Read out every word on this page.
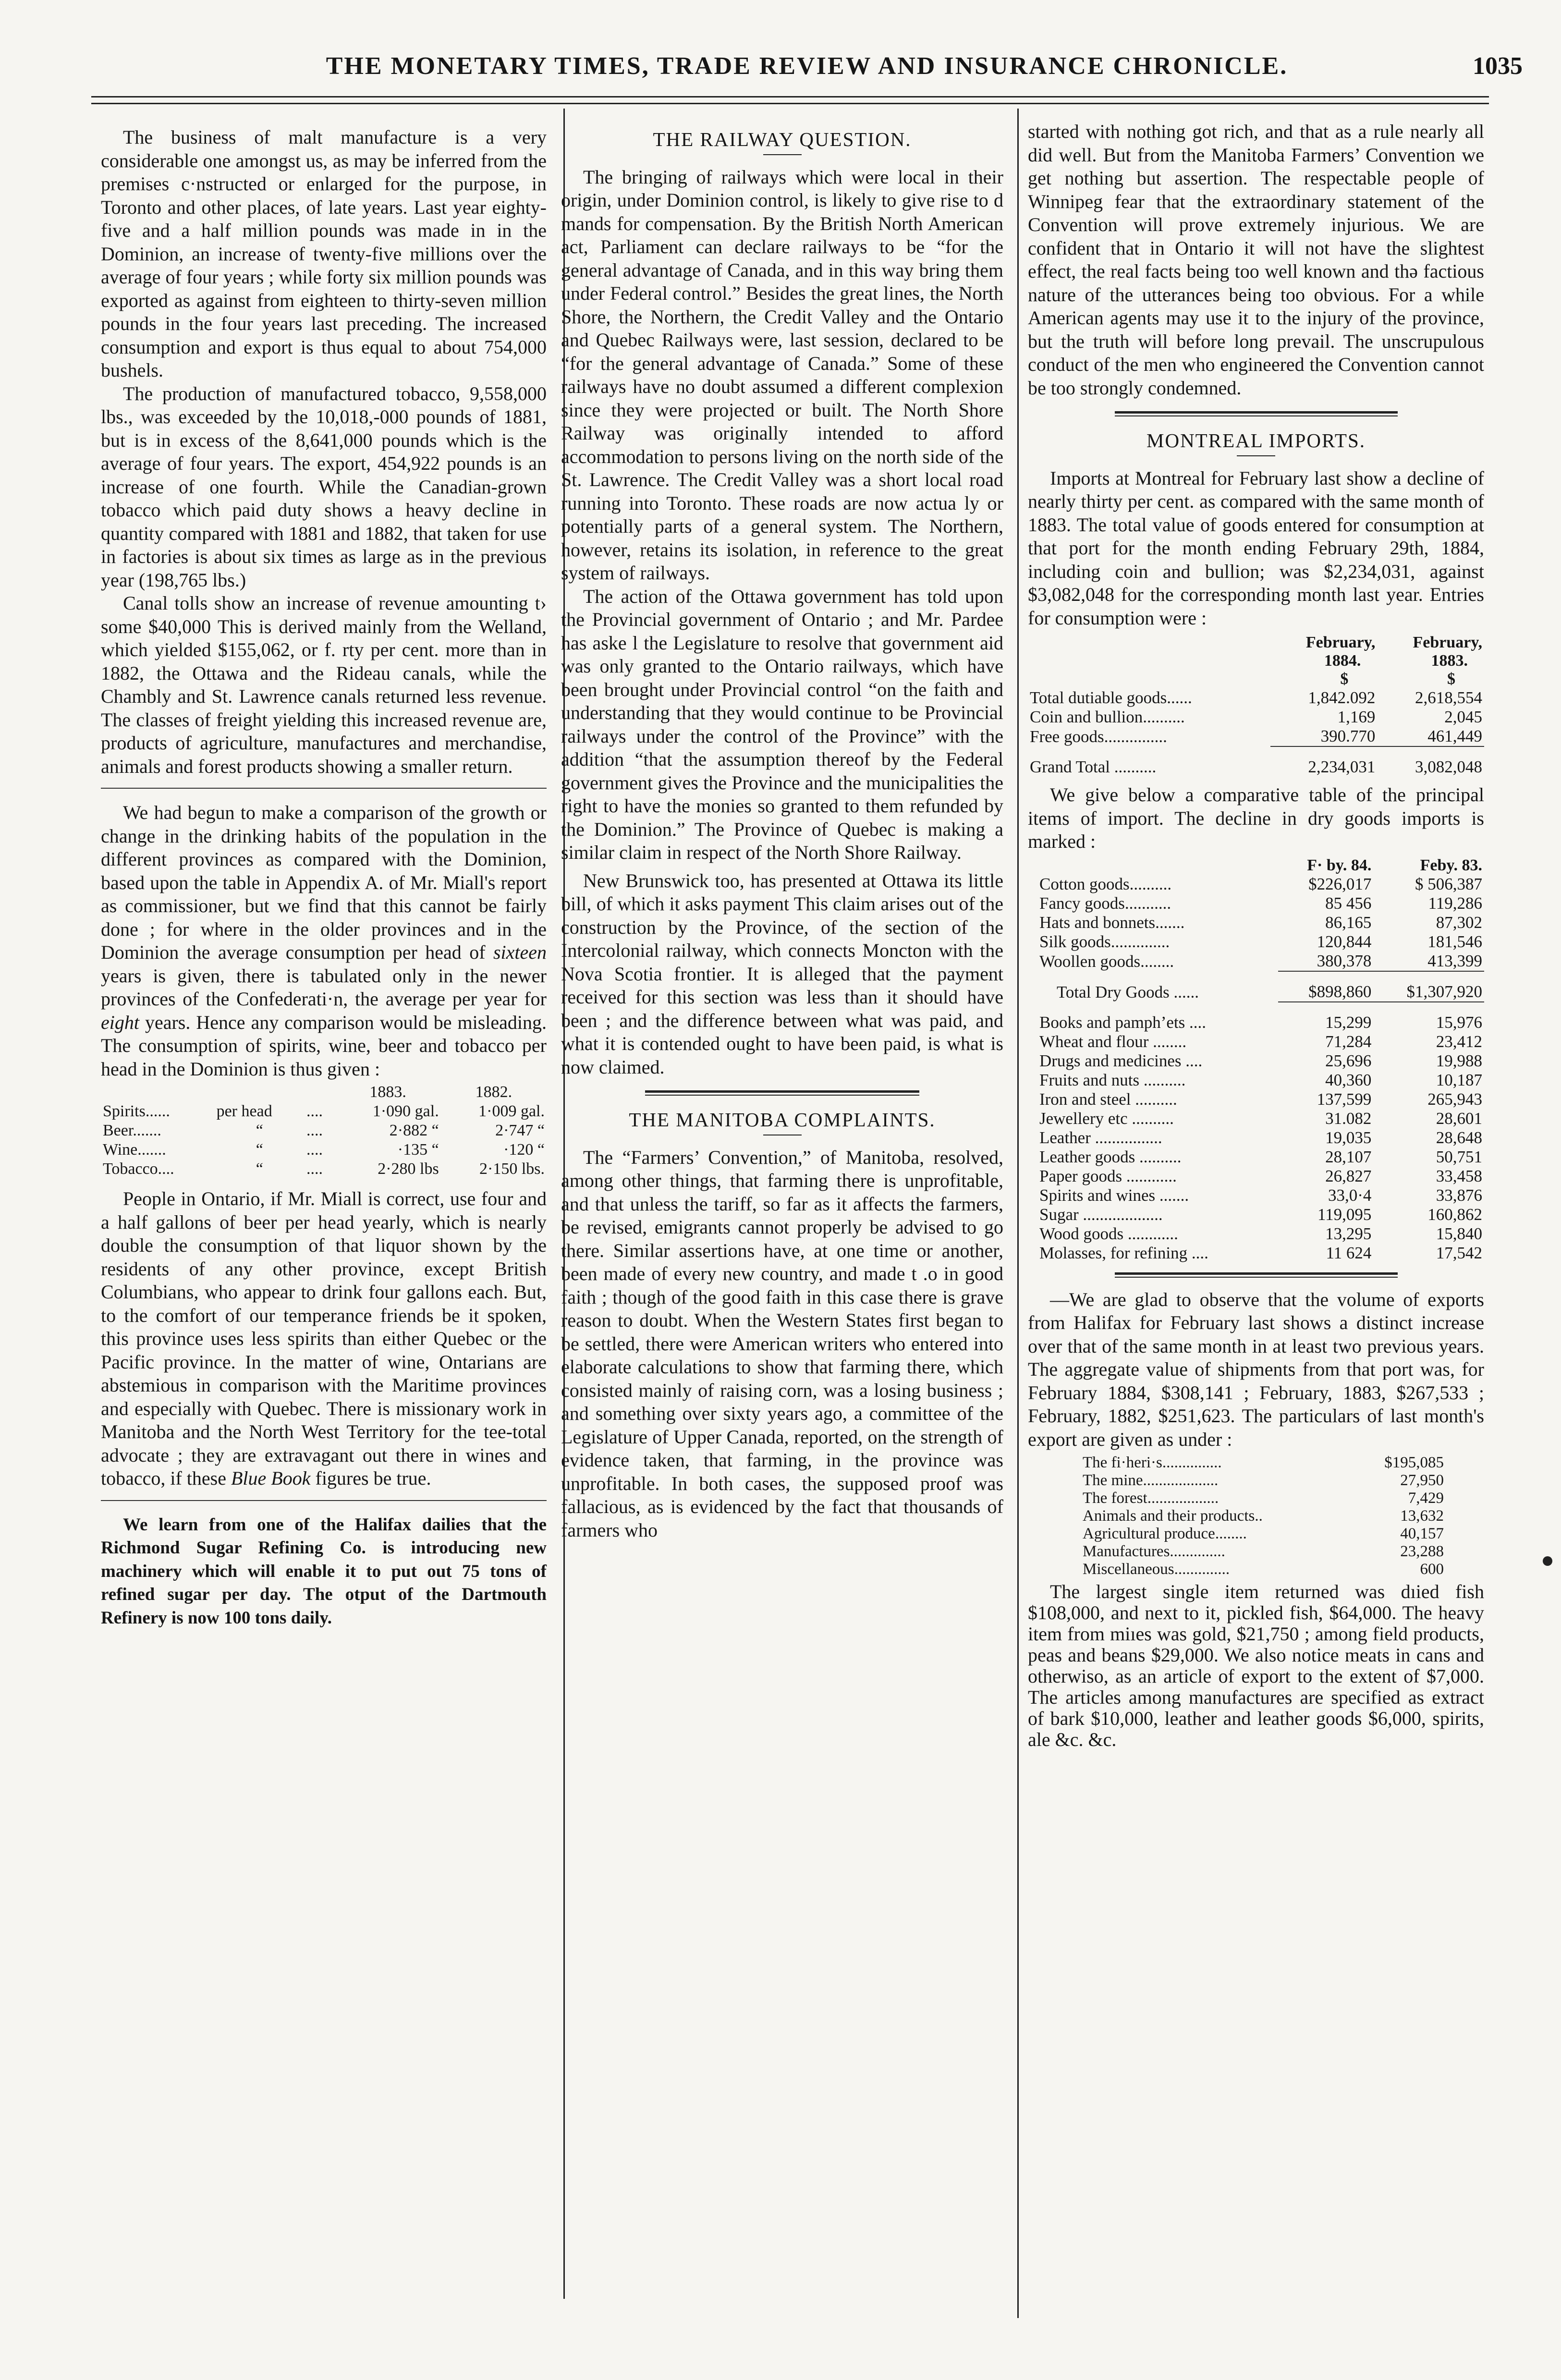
THE MONETARY TIMES, TRADE REVIEW AND INSURANCE CHRONICLE.	1035

The business of malt manufacture is a very considerable one amongst us, as may be inferred from the premises c·nstructed or enlarged for the purpose, in Toronto and other places, of late years. Last year eighty-five and a half million pounds was made in in the Dominion, an increase of twenty-five millions over the average of four years ; while forty six million pounds was exported as against from eighteen to thirty-seven million pounds in the four years last preceding. The increased consumption and export is thus equal to about 754,000 bushels.

The production of manufactured tobacco, 9,558,000 lbs., was exceeded by the 10,018,-000 pounds of 1881, but is in excess of the 8,641,000 pounds which is the average of four years. The export, 454,922 pounds is an increase of one fourth. While the Canadian-grown tobacco which paid duty shows a heavy decline in quantity compared with 1881 and 1882, that taken for use in factories is about six times as large as in the previous year (198,765 lbs.)

Canal tolls show an increase of revenue amounting t› some $40,000 This is derived mainly from the Welland, which yielded $155,062, or f. rty per cent. more than in 1882, the Ottawa and the Rideau canals, while the Chambly and St. Lawrence canals returned less revenue. The classes of freight yielding this increased revenue are, products of agriculture, manufactures and merchandise, animals and forest products showing a smaller return.

We had begun to make a comparison of the growth or change in the drinking habits of the population in the different provinces as compared with the Dominion, based upon the table in Appendix A. of Mr. Miall's report as commissioner, but we find that this cannot be fairly done ; for where in the older provinces and in the Dominion the average consumption per head of sixteen years is given, there is tabulated only in the newer provinces of the Confederati·n, the average per year for eight years. Hence any comparison would be misleading. The consumption of spirits, wine, beer and tobacco per head in the Dominion is thus given :

			1883.	1882.
Spirits......	per head	....	1·090 gal.	1·009 gal.
Beer.......	“	....	2·882 “	2·747 “
Wine.......	“	....	·135 “	·120 “
Tobacco....	“	....	2·280 lbs	2·150 lbs.

People in Ontario, if Mr. Miall is correct, use four and a half gallons of beer per head yearly, which is nearly double the consumption of that liquor shown by the residents of any other province, except British Columbians, who appear to drink four gallons each. But, to the comfort of our temperance friends be it spoken, this province uses less spirits than either Quebec or the Pacific province. In the matter of wine, Ontarians are abstemious in comparison with the Maritime provinces and especially with Quebec. There is missionary work in Manitoba and the North West Territory for the tee-total advocate ; they are extravagant out there in wines and tobacco, if these Blue Book figures be true.

We learn from one of the Halifax dailies that the Richmond Sugar Refining Co. is introducing new machinery which will enable it to put out 75 tons of refined sugar per day. The otput of the Dartmouth Refinery is now 100 tons daily.

THE RAILWAY QUESTION.

The bringing of railways which were local in their origin, under Dominion control, is likely to give rise to d mands for compensation. By the British North American act, Parliament can declare railways to be “for the general advantage of Canada, and in this way bring them under Federal control.” Besides the great lines, the North Shore, the Northern, the Credit Valley and the Ontario and Quebec Railways were, last session, declared to be “for the general advantage of Canada.” Some of these railways have no doubt assumed a different complexion since they were projected or built. The North Shore Railway was originally intended to afford accommodation to persons living on the north side of the St. Lawrence. The Credit Valley was a short local road running into Toronto. These roads are now actua ly or potentially parts of a general system. The Northern, however, retains its isolation, in reference to the great system of railways.

The action of the Ottawa government has told upon the Provincial government of Ontario ; and Mr. Pardee has aske l the Legislature to resolve that government aid was only granted to the Ontario railways, which have been brought under Provincial control “on the faith and understanding that they would continue to be Provincial railways under the control of the Province” with the addition “that the assumption thereof by the Federal government gives the Province and the municipalities the right to have the monies so granted to them refunded by the Dominion.” The Province of Quebec is making a similar claim in respect of the North Shore Railway.

New Brunswick too, has presented at Ottawa its little bill, of which it asks payment This claim arises out of the construction by the Province, of the section of the Intercolonial railway, which connects Moncton with the Nova Scotia frontier. It is alleged that the payment received for this section was less than it should have been ; and the difference between what was paid, and what it is contended ought to have been paid, is what is now claimed.

THE MANITOBA COMPLAINTS.

The “Farmers’ Convention,” of Manitoba, resolved, among other things, that farming there is unprofitable, and that unless the tariff, so far as it affects the farmers, be revised, emigrants cannot properly be advised to go there. Similar assertions have, at one time or another, been made of every new country, and made t .o in good faith ; though of the good faith in this case there is grave reason to doubt. When the Western States first began to be settled, there were American writers who entered into elaborate calculations to show that farming there, which consisted mainly of raising corn, was a losing business ; and something over sixty years ago, a committee of the Legislature of Upper Canada, reported, on the strength of evidence taken, that farming, in the province was unprofitable. In both cases, the supposed proof was fallacious, as is evidenced by the fact that thousands of farmers who

started with nothing got rich, and that as a rule nearly all did well. But from the Manitoba Farmers’ Convention we get nothing but assertion. The respectable people of Winnipeg fear that the extraordinary statement of the Convention will prove extremely injurious. We are confident that in Ontario it will not have the slightest effect, the real facts being too well known and thə factious nature of the utterances being too obvious. For a while American agents may use it to the injury of the province, but the truth will before long prevail. The unscrupulous conduct of the men who engineered the Convention cannot be too strongly condemned.

MONTREAL IMPORTS.

Imports at Montreal for February last show a decline of nearly thirty per cent. as compared with the same month of 1883. The total value of goods entered for consumption at that port for the month ending February 29th, 1884, including coin and bullion; was $2,234,031, against $3,082,048 for the corresponding month last year. Entries for consumption were :

	February,
1884.	February,
1883.
	$	$
Total dutiable goods......	1,842.092	2,618,554
Coin and bullion..........	1,169	2,045
Free goods...............	390.770	461,449
Grand Total ..........	2,234,031	3,082,048

We give below a comparative table of the principal items of import. The decline in dry goods imports is marked :

	F· by. 84.	Feby. 83.
Cotton goods..........	$226,017	$ 506,387
Fancy goods...........	85 456	119,286
Hats and bonnets.......	86,165	87,302
Silk goods..............	120,844	181,546
Woollen goods........	380,378	413,399
Total Dry Goods ......	$898,860	$1,307,920
Books and pamph’ets ....	15,299	15,976
Wheat and flour ........	71,284	23,412
Drugs and medicines ....	25,696	19,988
Fruits and nuts ..........	40,360	10,187
Iron and steel ..........	137,599	265,943
Jewellery etc ..........	31.082	28,601
Leather ................	19,035	28,648
Leather goods ..........	28,107	50,751
Paper goods ............	26,827	33,458
Spirits and wines .......	33,0·4	33,876
Sugar ...................	119,095	160,862
Wood goods ............	13,295	15,840
Molasses, for refining ....	11 624	17,542

—We are glad to observe that the volume of exports from Halifax for February last shows a distinct increase over that of the same month in at least two previous years. The aggregate value of shipments from that port was, for February 1884, $308,141 ; February, 1883, $267,533 ; February, 1882, $251,623. The particulars of last month's export are given as under :

The fi·heri·s...............	$195,085
The mine...................	27,950
The forest..................	7,429
Animals and their products..	13,632
Agricultural produce........	40,157
Manufactures..............	23,288
Miscellaneous..............	600

The largest single item returned was dıied fish $108,000, and next to it, pickled fish, $64,000. The heavy item from miıes was gold, $21,750 ; among field products, peas and beans $29,000. We also notice meats in cans and otherwiso, as an article of export to the extent of $7,000. The articles among manufactures are specified as extract of bark $10,000, leather and leather goods $6,000, spirits, ale &c. &c.
